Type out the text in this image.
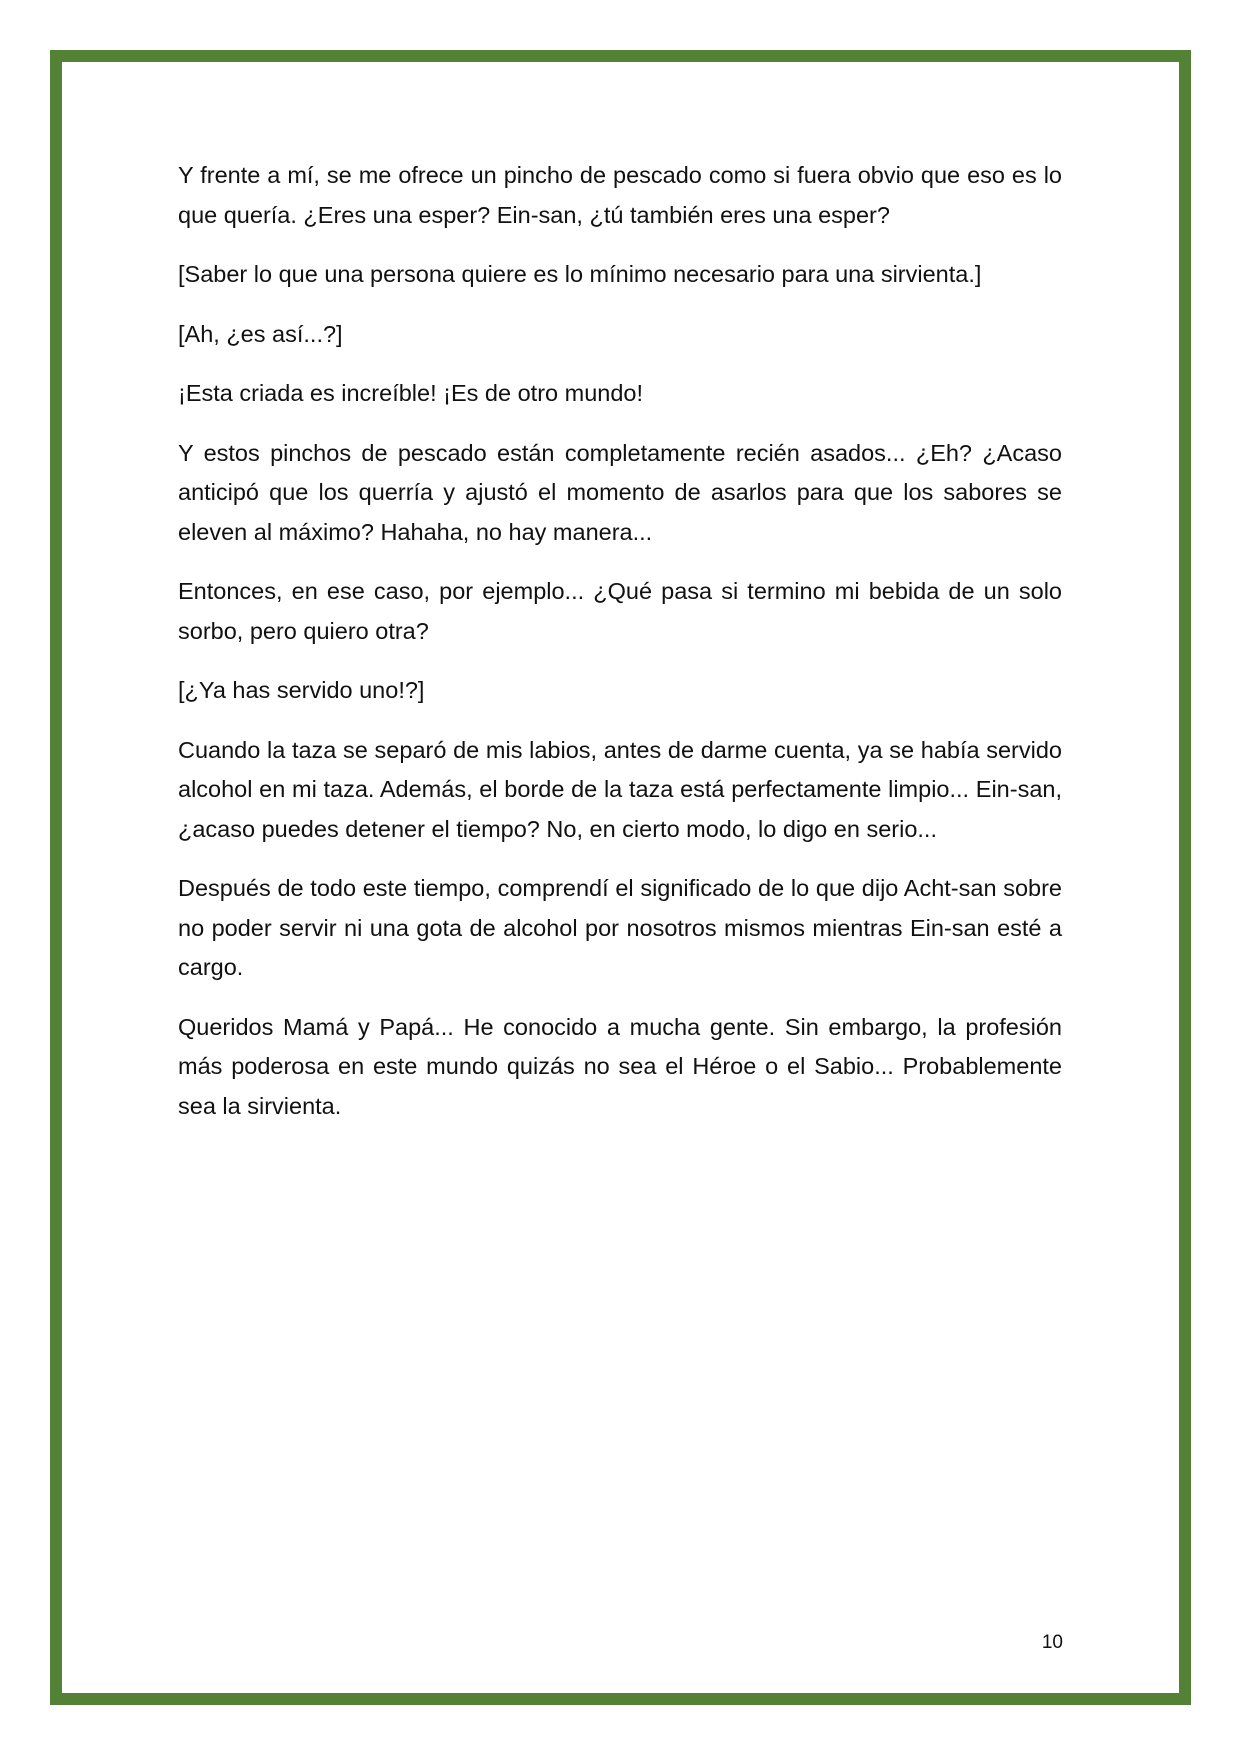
Y frente a mí, se me ofrece un pincho de pescado como si fuera obvio que eso es lo que quería. ¿Eres una esper? Ein-san, ¿tú también eres una esper?

[Saber lo que una persona quiere es lo mínimo necesario para una sirvienta.]

[Ah, ¿es así...?]

¡Esta criada es increíble! ¡Es de otro mundo!

Y estos pinchos de pescado están completamente recién asados... ¿Eh? ¿Acaso anticipó que los querría y ajustó el momento de asarlos para que los sabores se eleven al máximo? Hahaha, no hay manera...

Entonces, en ese caso, por ejemplo... ¿Qué pasa si termino mi bebida de un solo sorbo, pero quiero otra?

[¿Ya has servido uno!?]

Cuando la taza se separó de mis labios, antes de darme cuenta, ya se había servido alcohol en mi taza. Además, el borde de la taza está perfectamente limpio... Ein-san, ¿acaso puedes detener el tiempo? No, en cierto modo, lo digo en serio...

Después de todo este tiempo, comprendí el significado de lo que dijo Acht-san sobre no poder servir ni una gota de alcohol por nosotros mismos mientras Ein-san esté a cargo.

Queridos Mamá y Papá... He conocido a mucha gente. Sin embargo, la profesión más poderosa en este mundo quizás no sea el Héroe o el Sabio... Probablemente sea la sirvienta.

10
